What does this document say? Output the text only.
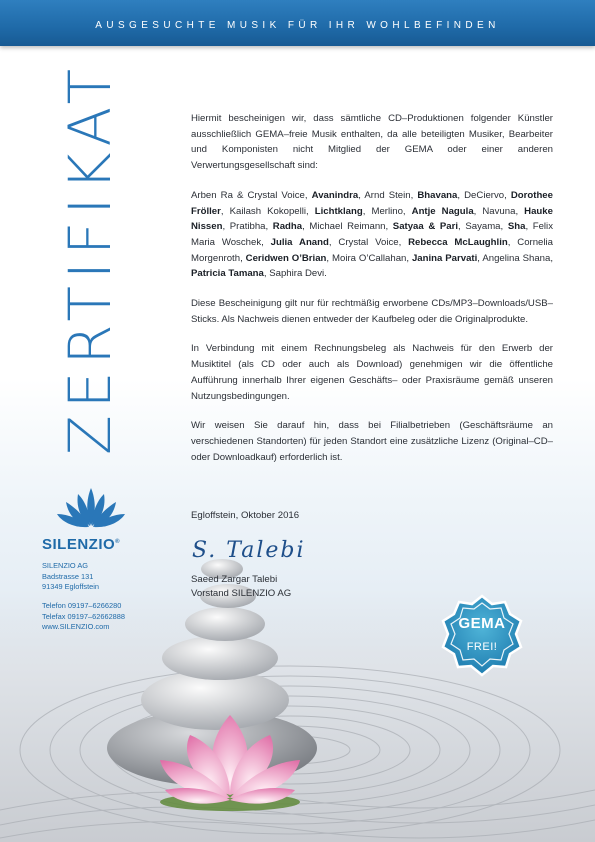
AUSGESUCHTE MUSIK FÜR IHR WOHLBEFINDEN
ZERTIFIKAT	Hiermit bescheinigen wir, dass sämtliche CD–Produktionen folgender Künstler ausschließlich GEMA–freie Musik enthalten, da alle beteiligten Musiker, Bearbeiter und Komponisten nicht Mitglied der GEMA oder einer anderen Verwertungsgesellschaft sind:

Arben Ra & Crystal Voice, Avanindra, Arnd Stein, Bhavana, DeCiervo, Dorothee Fröller, Kailash Kokopelli, Lichtklang, Merlino, Antje Nagula, Navuna, Hauke Nissen, Pratibha, Radha, Michael Reimann, Satyaa & Pari, Sayama, Sha, Felix Maria Woschek, Julia Anand, Crystal Voice, Rebecca McLaughlin, Cornelia Morgenroth, Ceridwen O’Brian, Moira O’Callahan, Janina Parvati, Angelina Shana, Patricia Tamana, Saphira Devi.

Diese Bescheinigung gilt nur für rechtmäßig erworbene CDs/MP3–Downloads/USB–Sticks. Als Nachweis dienen entweder der Kaufbeleg oder die Originalprodukte.

In Verbindung mit einem Rechnungsbeleg als Nachweis für den Erwerb der Musiktitel (als CD oder auch als Download) genehmigen wir die öffentliche Aufführung innerhalb Ihrer eigenen Geschäfts– oder Praxisräume gemäß unseren Nutzungsbedingungen.

Wir weisen Sie darauf hin, dass bei Filialbetrieben (Geschäftsräume an verschiedenen Standorten) für jeden Standort eine zusätzliche Lizenz (Original–CD– oder Downloadkauf) erforderlich ist.

Egloffstein, Oktober 2016
S. Talebi
Saeed Zargar Talebi
Vorstand SILENZIO AG
SILENZIO®
SILENZIO AG
Badstrasse 131
91349 Egloffstein
Telefon 09197–6266280
Telefax 09197–62662888
www.SILENZIO.com	GEMA
FREI!
